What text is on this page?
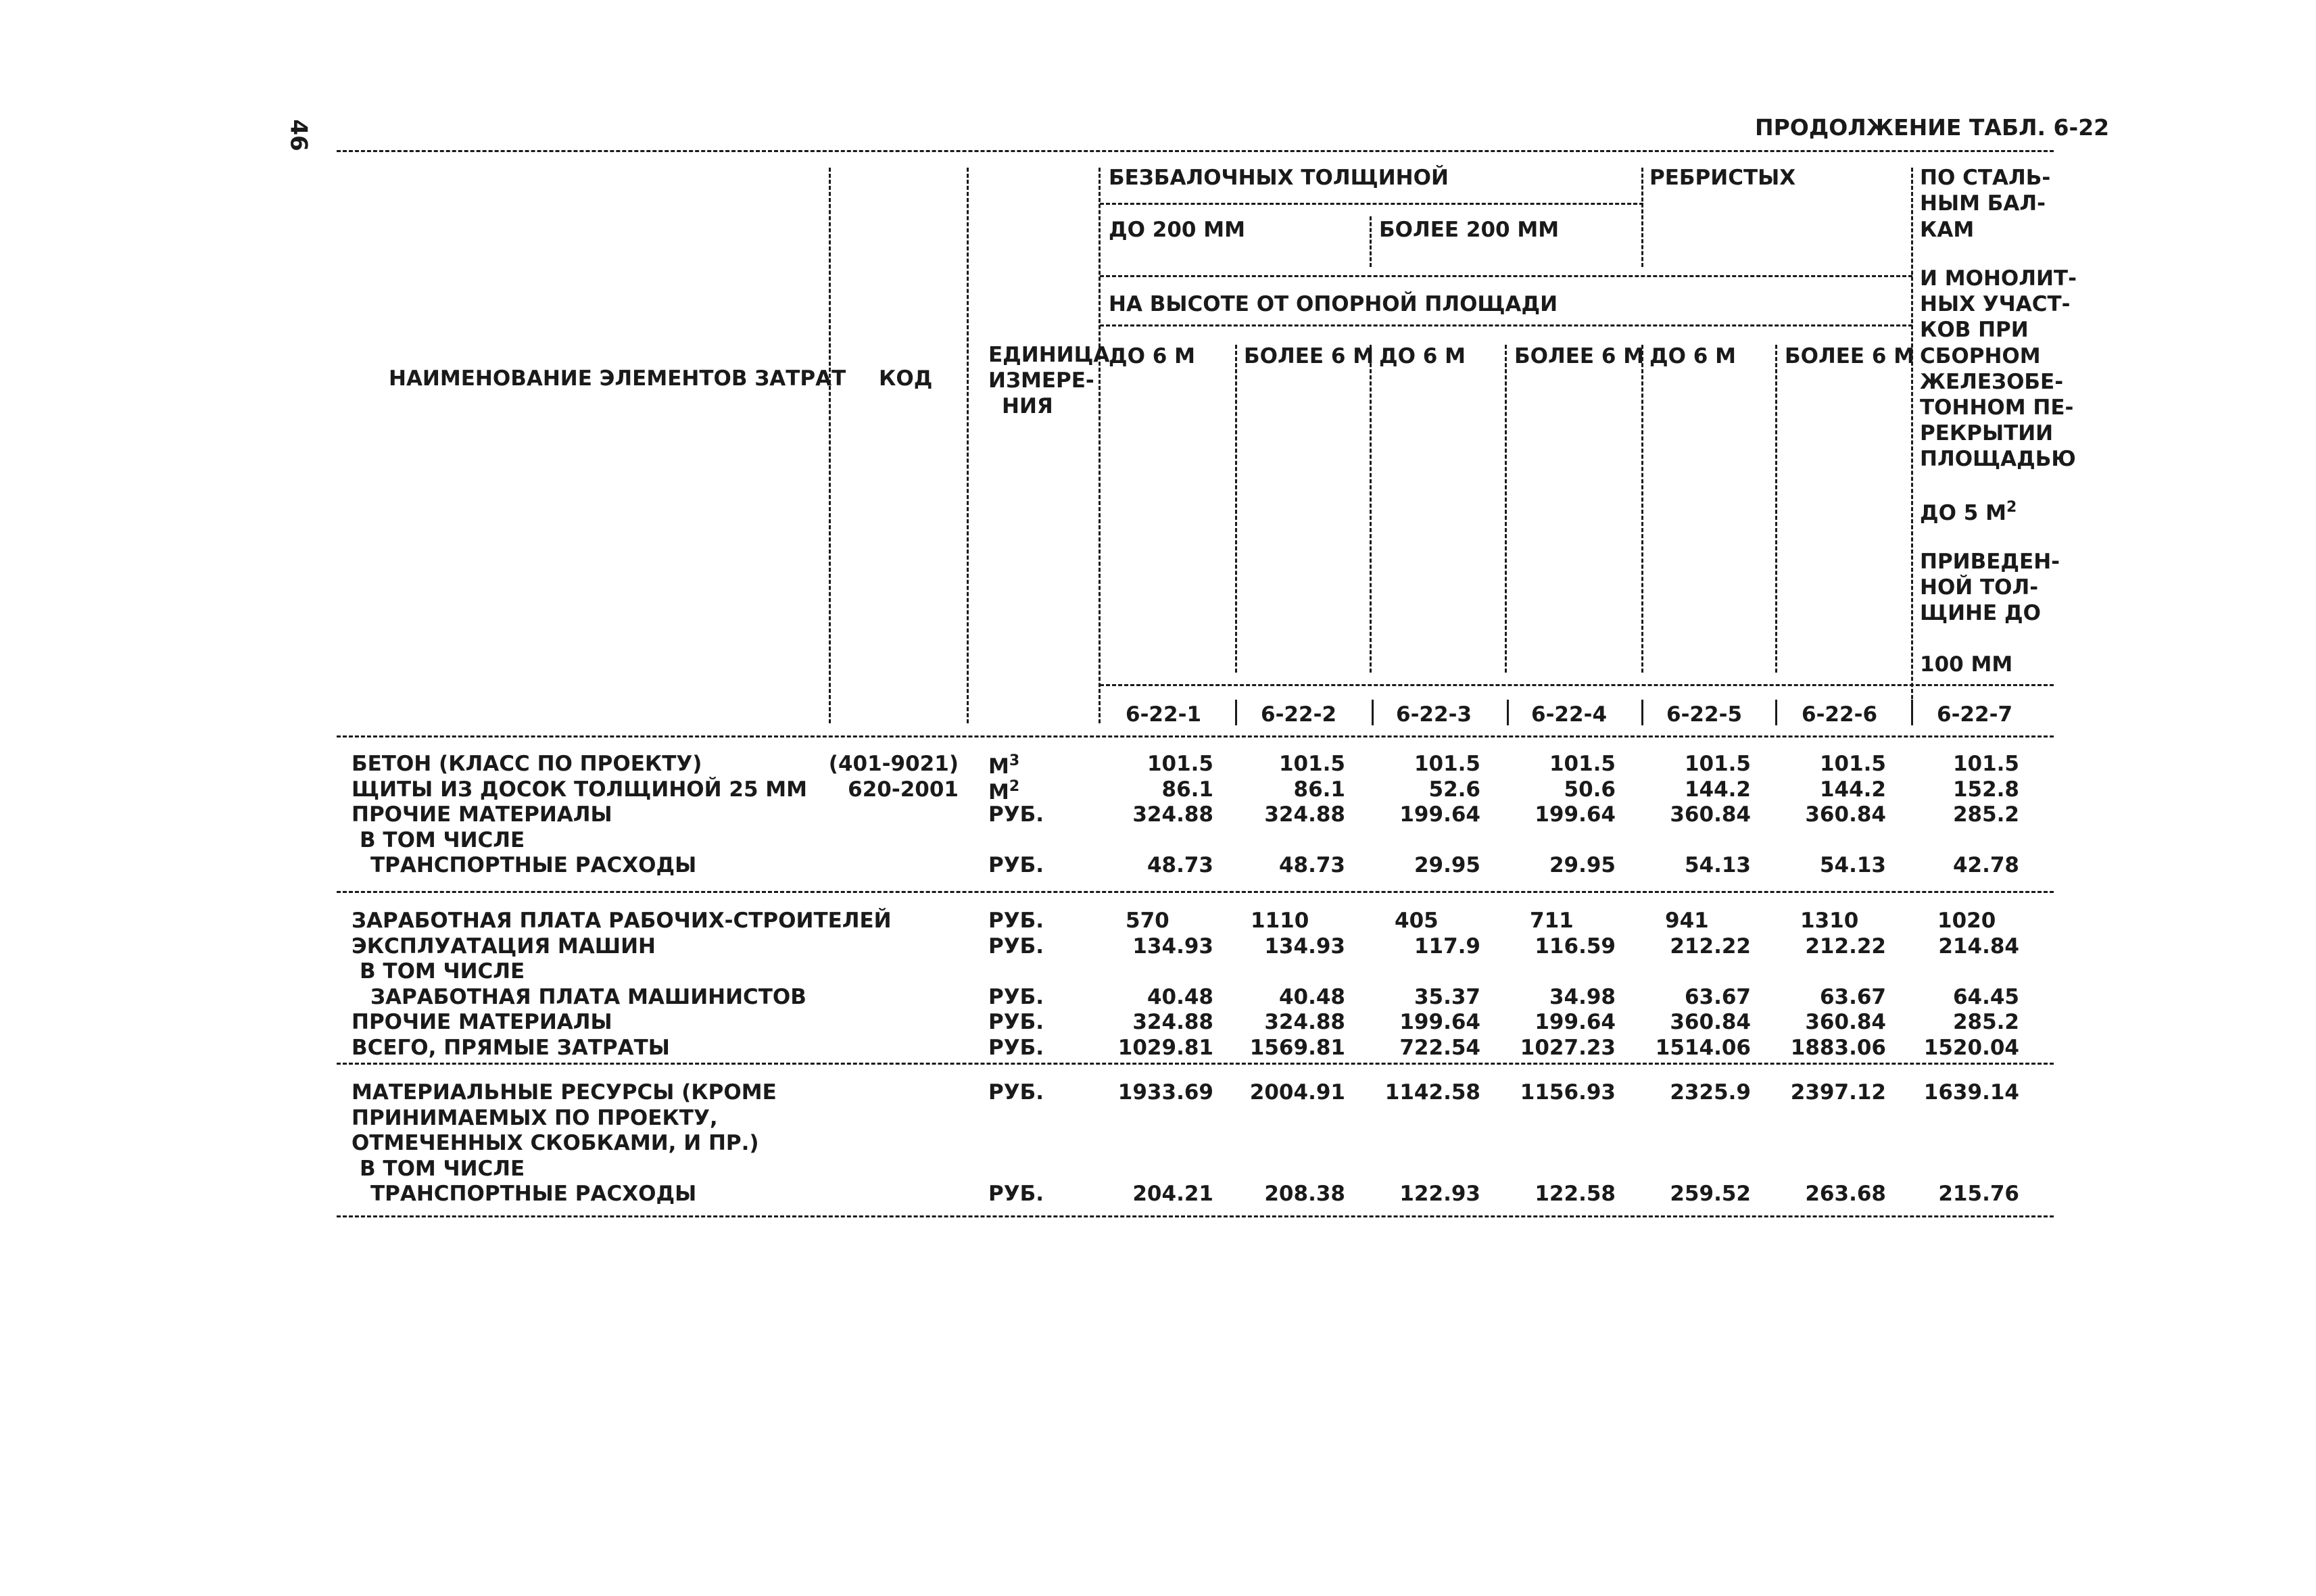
46	ПРОДОЛЖЕНИЕ ТАБЛ. 6-22
НАИМЕНОВАНИЕ ЭЛЕМЕНТОВ ЗАТРАТ КОД
ЕДИНИЦА
ИЗМЕРЕ-
НИЯ
БЕЗБАЛОЧНЫХ ТОЛЩИНОЙ	РЕБРИСТЫХ
ДО 200 ММ	БОЛЕЕ 200 ММ
НА ВЫСОТЕ ОТ ОПОРНОЙ ПЛОЩАДИ
ДО 6 М БОЛЕЕ 6 М ДО 6 М БОЛЕЕ 6 М ДО 6 М БОЛЕЕ 6 М
ПО СТАЛЬ-
НЫМ БАЛ-
КАМ
И МОНОЛИТ-
НЫХ УЧАСТ-
КОВ ПРИ
СБОРНОМ
ЖЕЛЕЗОБЕ-
ТОННОМ ПЕ-
РЕКРЫТИИ
ПЛОЩАДЬЮ
ДО 5 $М^2$
ПРИВЕДЕН-
НОЙ ТОЛ-
ЩИНЕ ДО
100 ММ
6-22-1	6-22-2	6-22-3	6-22-4	6-22-5	6-22-6	6-22-7
БЕТОН (КЛАСС ПО ПРОЕКТУ)	(401-9021) $М^3$	101.5	101.5	101.5	101.5	101.5	101.5	101.5
ЩИТЫ ИЗ ДОСОК ТОЛЩИНОЙ 25 ММ 620-2001 $М^2$	86.1	86.1	52.6	50.6	144.2	144.2	152.8
ПРОЧИЕ МАТЕРИАЛЫ	РУБ.	324.88 324.88	199.64	199.64	360.84	360.84	285.2
В ТОМ ЧИСЛЕ
ТРАНСПОРТНЫЕ РАСХОДЫ	РУБ.	48.73	48.73	29.95	29.95	54.13	54.13	42.78
ЗАРАБОТНАЯ ПЛАТА РАБОЧИХ-СТРОИТЕЛЕЙ	РУБ.	570	1110	405	711	941	1310	1020
ЭКСПЛУАТАЦИЯ МАШИН	РУБ.	134.93 134.93	117.9	116.59	212.22	212.22 214.84
В ТОМ ЧИСЛЕ
ЗАРАБОТНАЯ ПЛАТА МАШИНИСТОВ	РУБ.	40.48	40.48	35.37	34.98	63.67	63.67	64.45
ПРОЧИЕ МАТЕРИАЛЫ	РУБ.	324.88 324.88	199.64	199.64	360.84	360.84	285.2
ВСЕГО, ПРЯМЫЕ ЗАТРАТЫ	РУБ.	1029.81 1569.81	722.54 1027.23 1514.06 1883.06 1520.04
МАТЕРИАЛЬНЫЕ РЕСУРСЫ (КРОМЕ	РУБ.	1933.69 2004.91 1142.58 1156.93	2325.9 2397.12 1639.14
ПРИНИМАЕМЫХ ПО ПРОЕКТУ,
ОТМЕЧЕННЫХ СКОБКАМИ, И ПР.)
В ТОМ ЧИСЛЕ
ТРАНСПОРТНЫЕ РАСХОДЫ	РУБ.	204.21 208.38	122.93	122.58	259.52	263.68 215.76
